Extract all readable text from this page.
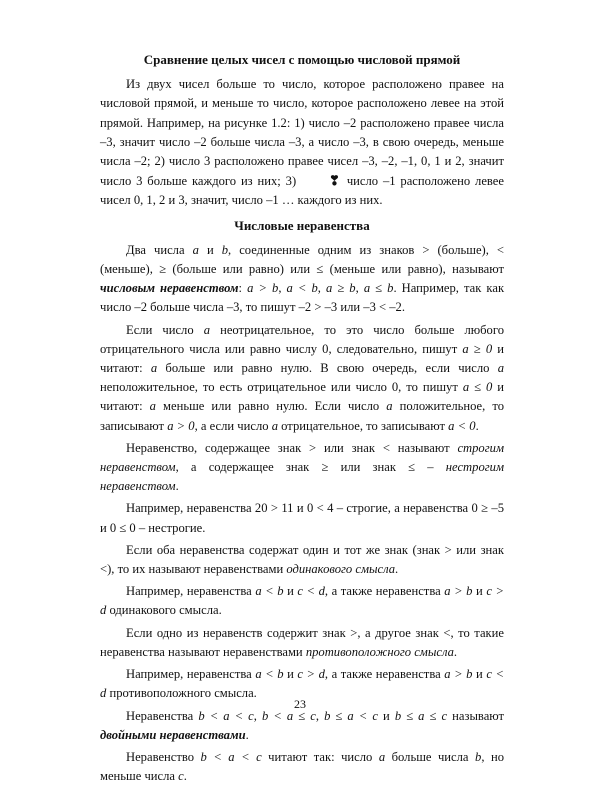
Сравнение целых чисел с помощью числовой прямой

Из двух чисел больше то число, которое расположено правее на числовой прямой, и меньше то число, которое расположено левее на этой прямой. Например, на рисунке 1.2: 1) число –2 расположено правее числа –3, значит число –2 больше числа –3, а число –3, в свою очередь, меньше числа –2; 2) число 3 расположено правее чисел –3, –2, –1, 0, 1 и 2, значит число 3 больше каждого из них; 3)	❣ число –1 расположено левее чисел 0, 1, 2 и 3, значит, число –1 … каждого из них.

Числовые неравенства

Два числа a и b, соединенные одним из знаков > (больше), < (меньше), ≥ (больше или равно) или ≤ (меньше или равно), называют числовым неравенством: a > b, a < b, a ≥ b, a ≤ b. Например, так как число –2 больше числа –3, то пишут –2 > –3 или –3 < –2.

Если число a неотрицательное, то это число больше любого отрицательного числа или равно числу 0, следовательно, пишут a ≥ 0 и читают: a больше или равно нулю. В свою очередь, если число a неположительное, то есть отрицательное или число 0, то пишут a ≤ 0 и читают: a меньше или равно нулю. Если число a положительное, то записывают a > 0, а если число a отрицательное, то записывают a < 0.

Неравенство, содержащее знак > или знак < называют строгим неравенством, а содержащее знак ≥ или знак ≤ – нестрогим неравенством.

Например, неравенства 20 > 11 и 0 < 4 – строгие, а неравенства 0 ≥ –5 и 0 ≤ 0 – нестрогие.

Если оба неравенства содержат один и тот же знак (знак > или знак <), то их называют неравенствами одинакового смысла.

Например, неравенства a < b и c < d, а также неравенства a > b и c > d одинакового смысла.

Если одно из неравенств содержит знак >, а другое знак <, то такие неравенства называют неравенствами противоположного смысла.

Например, неравенства a < b и c > d, а также неравенства a > b и c < d противоположного смысла.

Неравенства b < a < c, b < a ≤ c, b ≤ a < c и b ≤ a ≤ c называют двойными неравенствами.

Неравенство b < a < c читают так: число a больше числа b, но меньше числа c.

23
